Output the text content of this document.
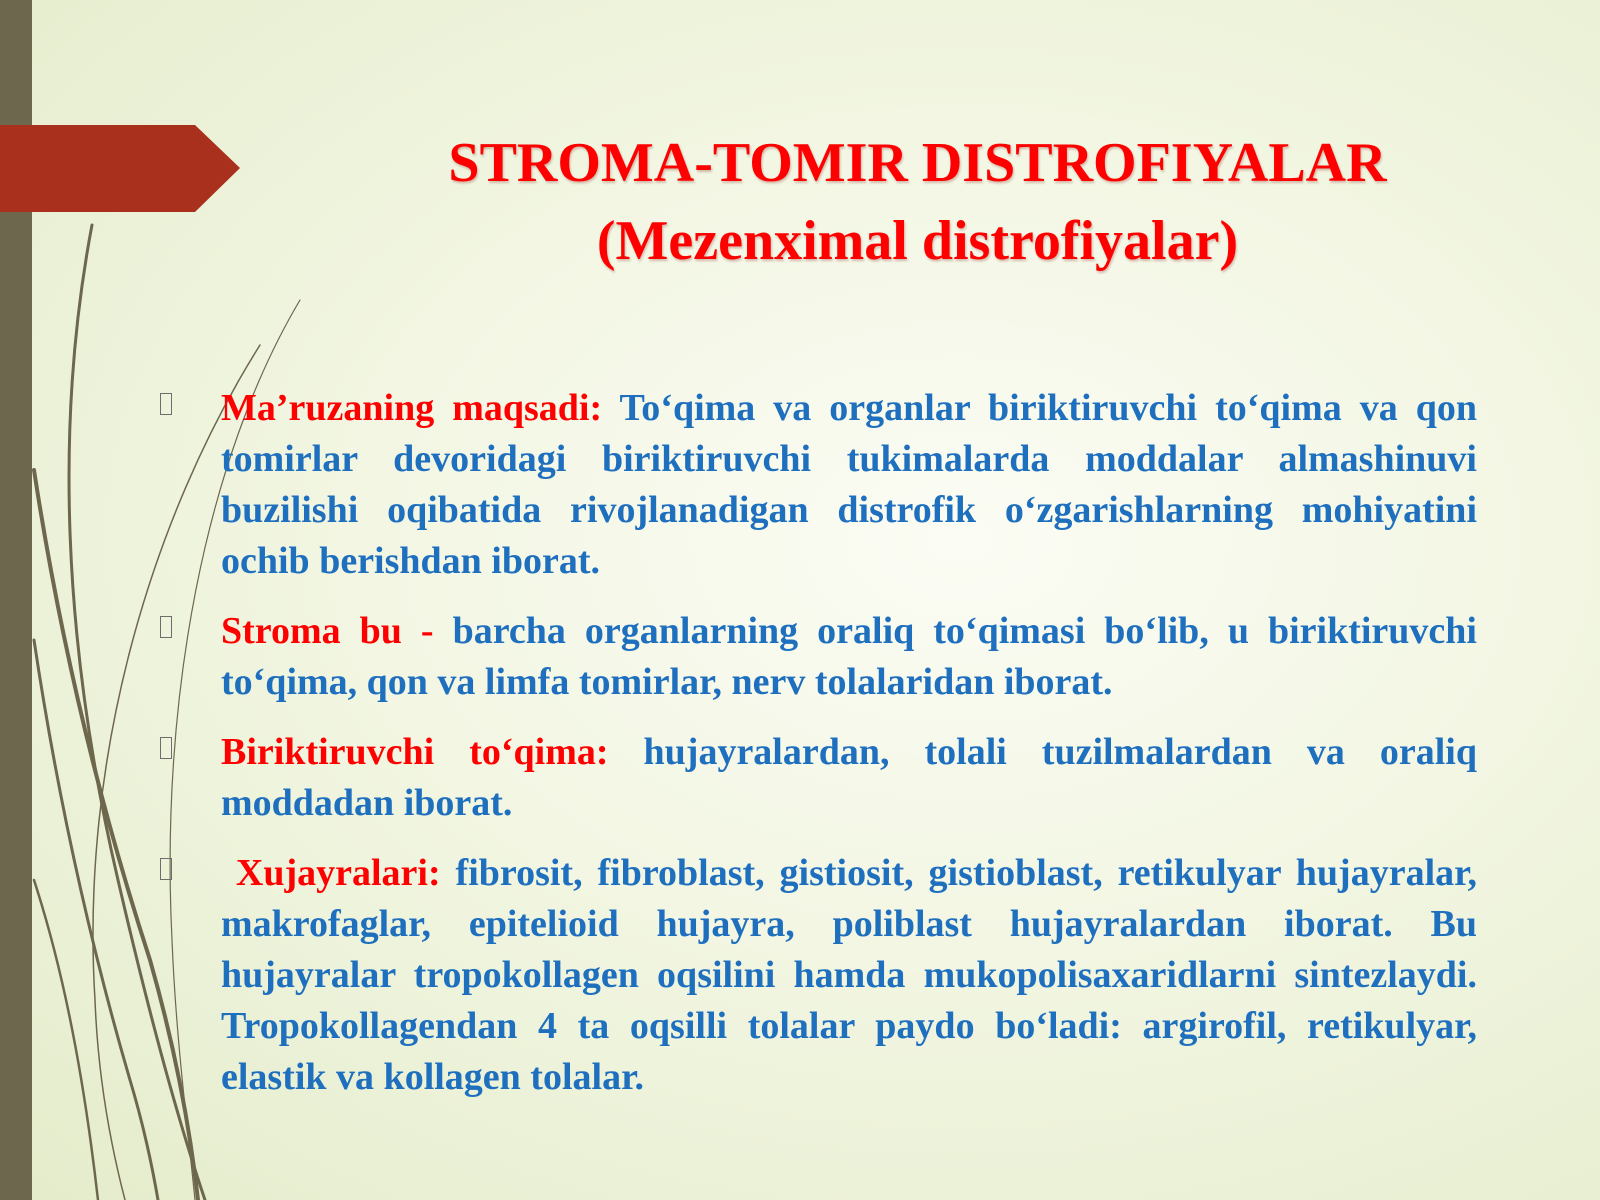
STROMA-TOMIR DISTROFIYALAR
(Mezenximal distrofiyalar)
Ma’ruzaning maqsadi: To‘qima va organlar biriktiruvchi to‘qima va qon tomirlar devoridagi biriktiruvchi tukimalarda moddalar almashinuvi buzilishi oqibatida rivojlanadigan distrofik o‘zgarishlarning mohiyatini ochib berishdan iborat.
Stroma bu - barcha organlarning oraliq to‘qimasi bo‘lib, u biriktiruvchi to‘qima, qon va limfa tomirlar, nerv tolalaridan iborat.
Biriktiruvchi to‘qima: hujayralardan, tolali tuzilmalardan va oraliq moddadan iborat.
Xujayralari: fibrosit, fibroblast, gistiosit, gistioblast, retikulyar hujayralar, makrofaglar, epitelioid hujayra, poliblast hujayralardan iborat. Bu hujayralar tropokollagen oqsilini hamda mukopolisaxaridlarni sintezlaydi. Tropokollagendan 4 ta oqsilli tolalar paydo bo‘ladi: argirofil, retikulyar, elastik va kollagen tolalar.
